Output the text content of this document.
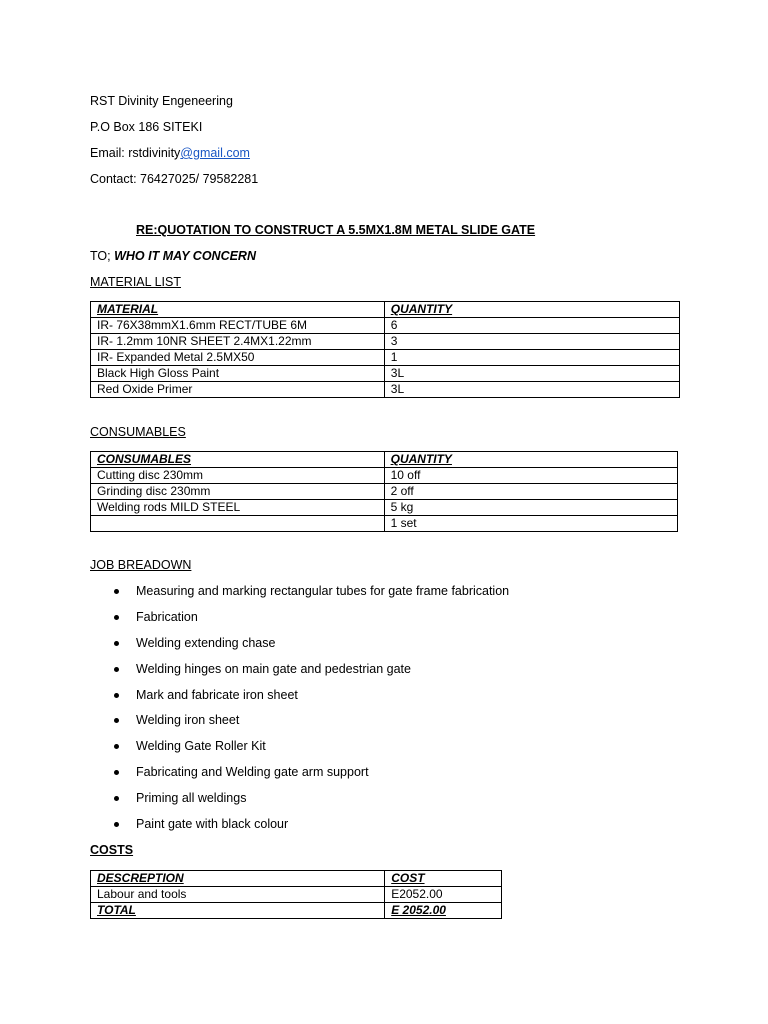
RST Divinity Engeneering
P.O Box 186 SITEKI
Email: rstdivinity@gmail.com
Contact: 76427025/ 79582281
RE:QUOTATION TO CONSTRUCT A 5.5MX1.8M METAL SLIDE GATE
TO; WHO IT MAY CONCERN
MATERIAL LIST
MATERIAL	QUANTITY
IR- 76X38mmX1.6mm RECT/TUBE 6M	6
IR- 1.2mm 10NR SHEET 2.4MX1.22mm	3
IR- Expanded Metal 2.5MX50	1
Black High Gloss Paint	3L
Red Oxide Primer	3L
CONSUMABLES
CONSUMABLES	QUANTITY
Cutting disc 230mm	10 off
Grinding disc 230mm	2 off
Welding rods MILD STEEL	5 kg
	1 set
JOB BREADOWN
Measuring and marking rectangular tubes for gate frame fabrication
Fabrication
Welding extending chase
Welding hinges on main gate and pedestrian gate
Mark and fabricate iron sheet
Welding iron sheet
Welding Gate Roller Kit
Fabricating and Welding gate arm support
Priming all weldings
Paint gate with black colour
COSTS
DESCREPTION	COST
Labour and tools	E2052.00
TOTAL	E 2052.00
